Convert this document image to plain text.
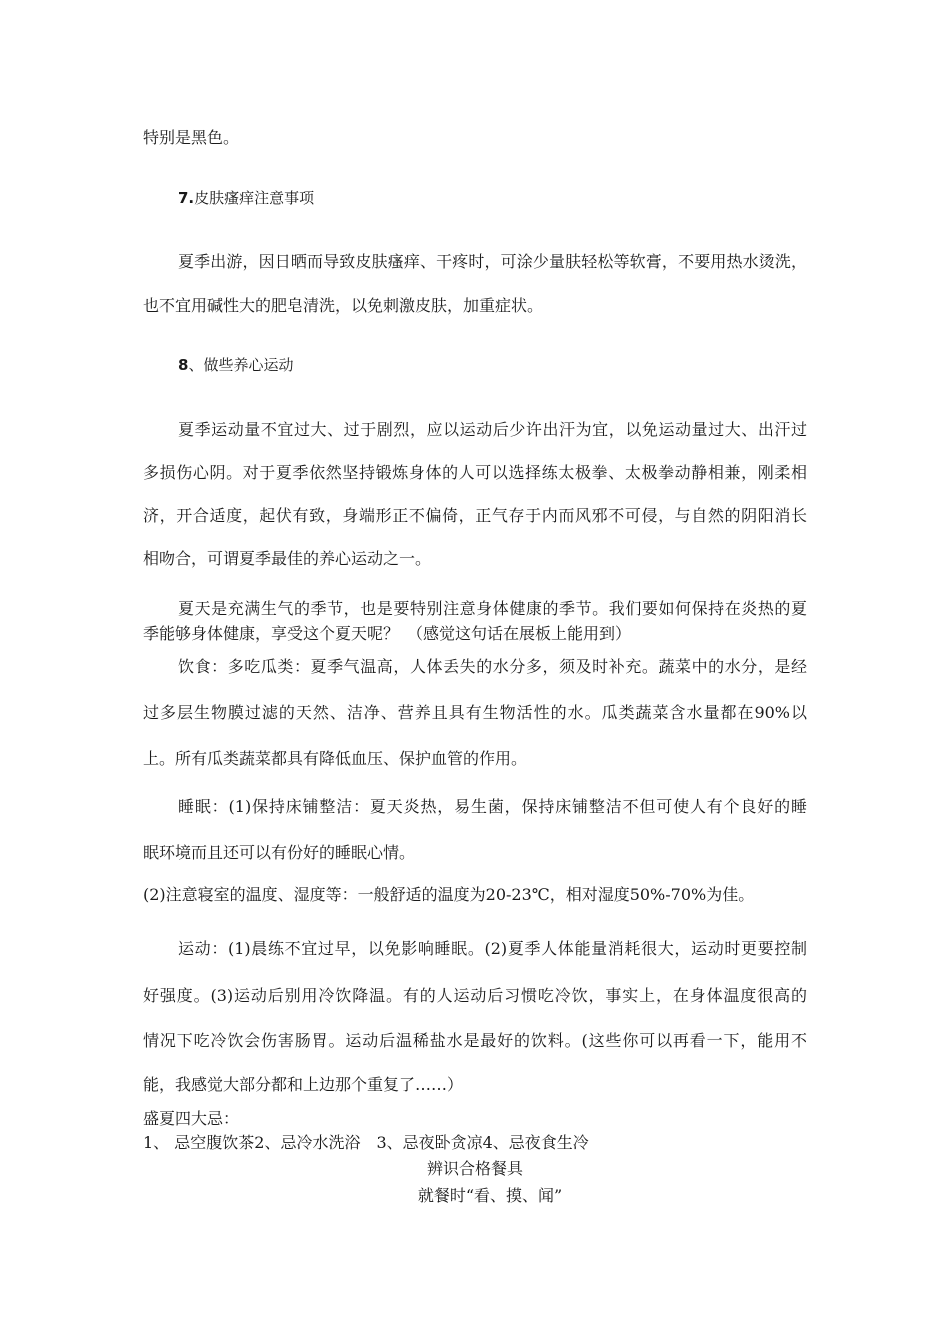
特别是黑色。
7.皮肤瘙痒注意事项
夏季出游，因日晒而导致皮肤瘙痒、干疼时，可涂少量肤轻松等软膏，不要用热水烫洗，
也不宜用碱性大的肥皂清洗，以免刺激皮肤，加重症状。
8、做些养心运动
夏季运动量不宜过大、过于剧烈，应以运动后少许出汗为宜，以免运动量过大、出汗过
多损伤心阴。对于夏季依然坚持锻炼身体的人可以选择练太极拳、太极拳动静相兼，刚柔相
济，开合适度，起伏有致，身端形正不偏倚，正气存于内而风邪不可侵，与自然的阴阳消长
相吻合，可谓夏季最佳的养心运动之一。
夏天是充满生气的季节，也是要特别注意身体健康的季节。我们要如何保持在炎热的夏
季能够身体健康，享受这个夏天呢？　（感觉这句话在展板上能用到）
饮食：多吃瓜类：夏季气温高，人体丢失的水分多，须及时补充。蔬菜中的水分，是经
过多层生物膜过滤的天然、洁净、营养且具有生物活性的水。瓜类蔬菜含水量都在90%以
上。所有瓜类蔬菜都具有降低血压、保护血管的作用。
睡眠：(1)保持床铺整洁：夏天炎热，易生菌，保持床铺整洁不但可使人有个良好的睡
眠环境而且还可以有份好的睡眠心情。
(2)注意寝室的温度、湿度等：一般舒适的温度为20-23℃，相对湿度50%-70%为佳。
运动：(1)晨练不宜过早，以免影响睡眠。(2)夏季人体能量消耗很大，运动时更要控制
好强度。(3)运动后别用冷饮降温。有的人运动后习惯吃冷饮，事实上，在身体温度很高的
情况下吃冷饮会伤害肠胃。运动后温稀盐水是最好的饮料。(这些你可以再看一下，能用不
能，我感觉大部分都和上边那个重复了……）
盛夏四大忌：
1、 忌空腹饮茶2、忌冷水洗浴　3、忌夜卧贪凉4、忌夜食生冷
辨识合格餐具
就餐时“看、摸、闻”
